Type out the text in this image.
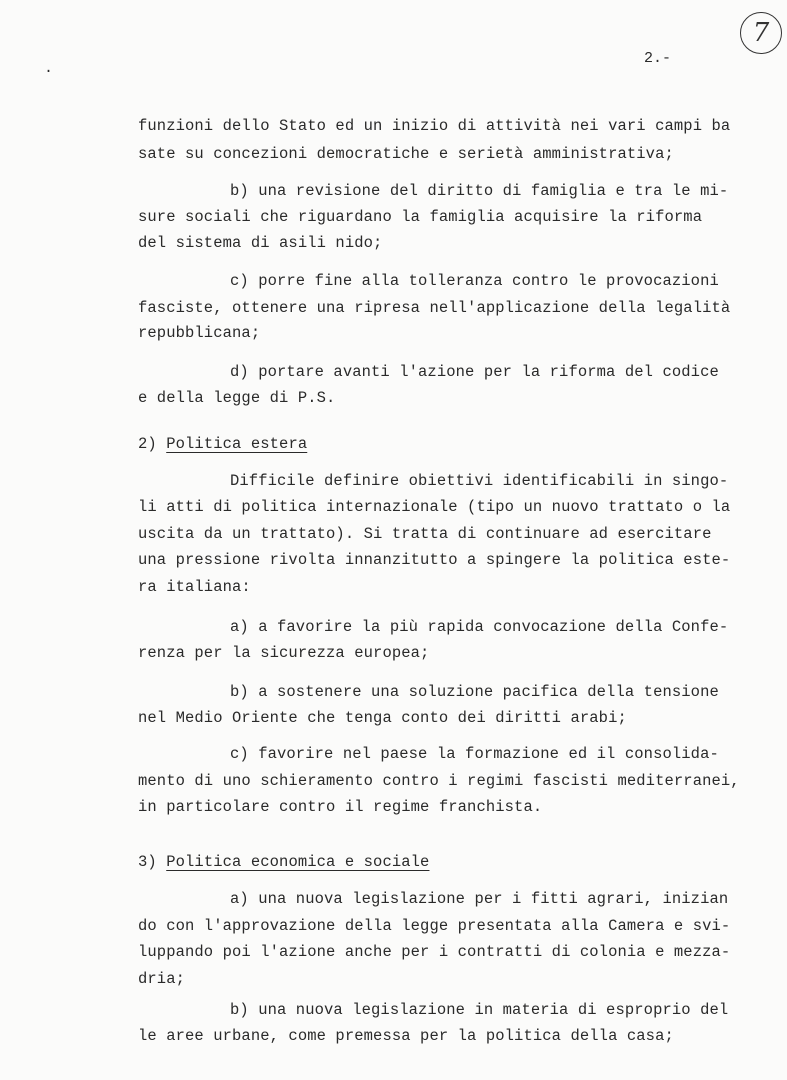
7
.
2.-
funzioni dello Stato ed un inizio di attività nei vari campi ba
sate su concezioni democratiche e serietà amministrativa;
b) una revisione del diritto di famiglia e tra le mi-
sure sociali che riguardano la famiglia acquisire la riforma
del sistema di asili nido;
c) porre fine alla tolleranza contro le provocazioni
fasciste, ottenere una ripresa nell'applicazione della legalità
repubblicana;
d) portare avanti l'azione per la riforma del codice
e della legge di P.S.
2) Politica estera
Difficile definire obiettivi identificabili in singo-
li atti di politica internazionale (tipo un nuovo trattato o la
uscita da un trattato). Si tratta di continuare ad esercitare
una pressione rivolta innanzitutto a spingere la politica este-
ra italiana:
a) a favorire la più rapida convocazione della Confe-
renza per la sicurezza europea;
b) a sostenere una soluzione pacifica della tensione
nel Medio Oriente che tenga conto dei diritti arabi;
c) favorire nel paese la formazione ed il consolida-
mento di uno schieramento contro i regimi fascisti mediterranei,
in particolare contro il regime franchista.
3) Politica economica e sociale
a) una nuova legislazione per i fitti agrari, inizian
do con l'approvazione della legge presentata alla Camera e svi-
luppando poi l'azione anche per i contratti di colonia e mezza-
dria;
b) una nuova legislazione in materia di esproprio del
le aree urbane, come premessa per la politica della casa;
